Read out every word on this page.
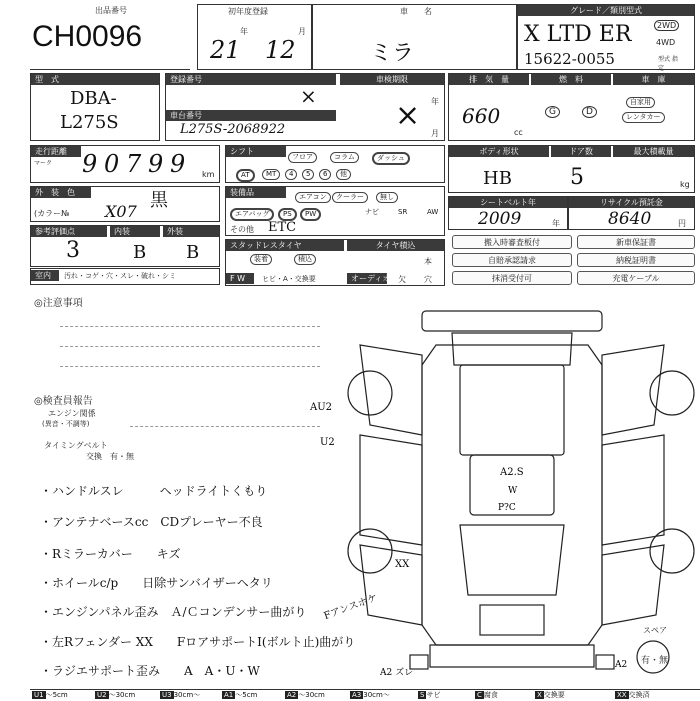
出品番号
CH0096
初年度登録
年	月
21 12
車　　名
ミラ
グレード／類別型式
X LTD ER
15622-0055
2WD
4WD
型式 指定
型　式
DBA-
L275S
登録番号
×
車検期限
× 年
月
車台番号
L275S-2068922
排　気　量
660
cc
燃　料
G	D
車　庫
自家用
レンタカー
走行距離
マーク 9 0 7 9 9	km
シフト
フロア	コラム	ダッシュ
AT	MT	4	5	6	他
ボディ形状
HB
ドア数
5
最大積載量
kg
外　装　色	黒
(カラー№ X07
装備品	エアコン	クーラー	無し
エアバッグ	PS	PW	ナビ	SR	AW
その他 ETC
シートベルト年
2009	年
リサイクル預託金
8640	円
参考評価点	内装	外装
3	B B
室内	汚れ・コゲ・穴・スレ・破れ・シミ
スタッドレスタイヤ
装着	積込
タイヤ積込
本
F W	ヒビ・A・交換要	オーディオ 欠 穴
搬入時審査板付
自賠承認請求
抹消受付可
新車保証書
納税証明書
充電ケーブル
◎注意事項
◎検査員報告
エンジン関係
(異音・不調等)
タイミングベルト
交換　有・無
・ハンドルスレ　　　ヘッドライトくもり
・アンテナベースcc　CDプレーヤー不良
・Rミラーカバー　　キズ
・ホイールc/p　　日除サンバイザーヘタリ
・エンジンパネル歪み　Ａ/Ｃコンデンサー曲がり
・左Rフェンダー XX　　FロアサポートI(ボルト止)曲がり
・ラジエサポート歪み　　A　A・U・W
Fアンスホケ
AU2
U2
A2.S
W
P?C
XX
A2 ズレ
A2
スペア
有・無
U1 ～5cm	U2 ～30cm	U3 30cm～	A1 ～5cm	A2 ～30cm	A3 30cm～	S サビ	C 腐食	X 交換要	XX 交換済
